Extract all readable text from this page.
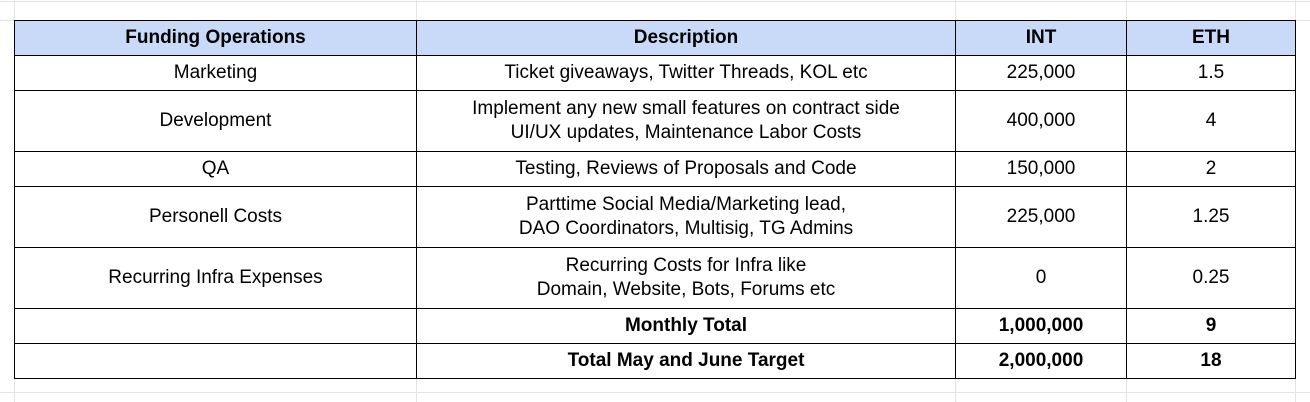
Funding Operations	Description	INT	ETH
Marketing	Ticket giveaways, Twitter Threads, KOL etc	225,000	1.5
Development	Implement any new small features on contract side
UI/UX updates, Maintenance Labor Costs	400,000	4
QA	Testing, Reviews of Proposals and Code	150,000	2
Personell Costs	Parttime Social Media/Marketing lead,
DAO Coordinators, Multisig, TG Admins	225,000	1.25
Recurring Infra Expenses	Recurring Costs for Infra like
Domain, Website, Bots, Forums etc	0	0.25
	Monthly Total	1,000,000	9
	Total May and June Target	2,000,000	18
